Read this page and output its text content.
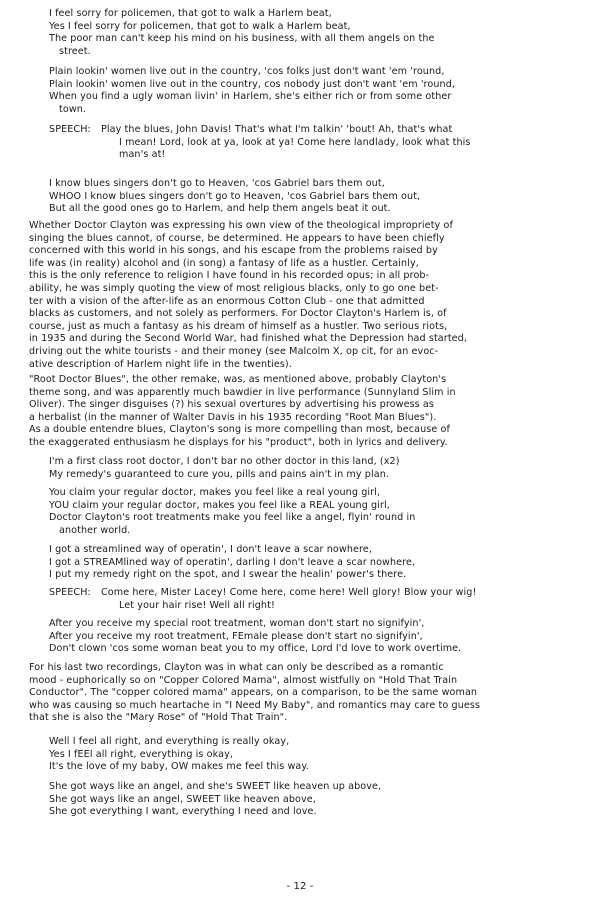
I feel sorry for policemen, that got to walk a Harlem beat,
Yes I feel sorry for policemen, that got to walk a Harlem beat,
The poor man can't keep his mind on his business, with all them angels on the
street.
Plain lookin' women live out in the country, 'cos folks just don't want 'em 'round,
Plain lookin' women live out in the country, cos nobody just don't want 'em 'round,
When you find a ugly woman livin' in Harlem, she's either rich or from some other
town.
SPEECH: Play the blues, John Davis! That's what I'm talkin' 'bout! Ah, that's what
I mean! Lord, look at ya, look at ya! Come here landlady, look what this
man's at!
I know blues singers don't go to Heaven, 'cos Gabriel bars them out,
WHOO I know blues singers don't go to Heaven, 'cos Gabriel bars them out,
But all the good ones go to Harlem, and help them angels beat it out.
Whether Doctor Clayton was expressing his own view of the theological impropriety of
singing the blues cannot, of course, be determined. He appears to have been chiefly
concerned with this world in his songs, and his escape from the problems raised by
life was (in reality) alcohol and (in song) a fantasy of life as a hustler. Certainly,
this is the only reference to religion I have found in his recorded opus; in all prob-
ability, he was simply quoting the view of most religious blacks, only to go one bet-
ter with a vision of the after-life as an enormous Cotton Club - one that admitted
blacks as customers, and not solely as performers. For Doctor Clayton's Harlem is, of
course, just as much a fantasy as his dream of himself as a hustler. Two serious riots,
in 1935 and during the Second World War, had finished what the Depression had started,
driving out the white tourists - and their money (see Malcolm X, op cit, for an evoc-
ative description of Harlem night life in the twenties).
"Root Doctor Blues", the other remake, was, as mentioned above, probably Clayton's
theme song, and was apparently much bawdier in live performance (Sunnyland Slim in
Oliver). The singer disguises (?) his sexual overtures by advertising his prowess as
a herbalist (in the manner of Walter Davis in his 1935 recording "Root Man Blues").
As a double entendre blues, Clayton's song is more compelling than most, because of
the exaggerated enthusiasm he displays for his "product", both in lyrics and delivery.
I'm a first class root doctor, I don't bar no other doctor in this land, (x2)
My remedy's guaranteed to cure you, pills and pains ain't in my plan.
You claim your regular doctor, makes you feel like a real young girl,
YOU claim your regular doctor, makes you feel like a REAL young girl,
Doctor Clayton's root treatments make you feel like a angel, flyin' round in
another world.
I got a streamlined way of operatin', I don't leave a scar nowhere,
I got a STREAMlined way of operatin', darling I don't leave a scar nowhere,
I put my remedy right on the spot, and I swear the healin' power's there.
SPEECH: Come here, Mister Lacey! Come here, come here! Well glory! Blow your wig!
Let your hair rise! Well all right!
After you receive my special root treatment, woman don't start no signifyin',
After you receive my root treatment, FEmale please don't start no signifyin',
Don't clown 'cos some woman beat you to my office, Lord I'd love to work overtime.
For his last two recordings, Clayton was in what can only be described as a romantic
mood - euphorically so on "Copper Colored Mama", almost wistfully on "Hold That Train
Conductor". The "copper colored mama" appears, on a comparison, to be the same woman
who was causing so much heartache in "I Need My Baby", and romantics may care to guess
that she is also the "Mary Rose" of "Hold That Train".
Well I feel all right, and everything is really okay,
Yes I fEEl all right, everything is okay,
It's the love of my baby, OW makes me feel this way.
She got ways like an angel, and she's SWEET like heaven up above,
She got ways like an angel, SWEET like heaven above,
She got everything I want, everything I need and love.
- 12 -
